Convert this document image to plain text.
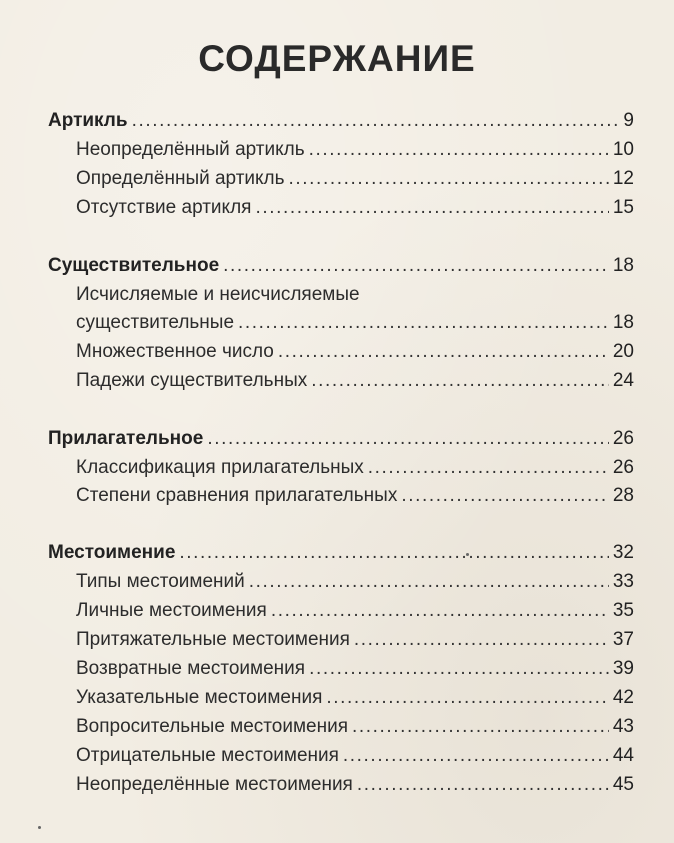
СОДЕРЖАНИЕ
Артикль .....	9
Неопределённый артикль .....	10
Определённый артикль .....	12
Отсутствие артикля .....	15
Существительное .....	18
Исчисляемые и неисчисляемые
существительные .....	18
Множественное число .....	20
Падежи существительных .....	24
Прилагательное .....	26
Классификация прилагательных .....	26
Степени сравнения прилагательных .....	28
Местоимение .....	32
Типы местоимений .....	33
Личные местоимения .....	35
Притяжательные местоимения .....	37
Возвратные местоимения .....	39
Указательные местоимения .....	42
Вопросительные местоимения .....	43
Отрицательные местоимения .....	44
Неопределённые местоимения .....	45
